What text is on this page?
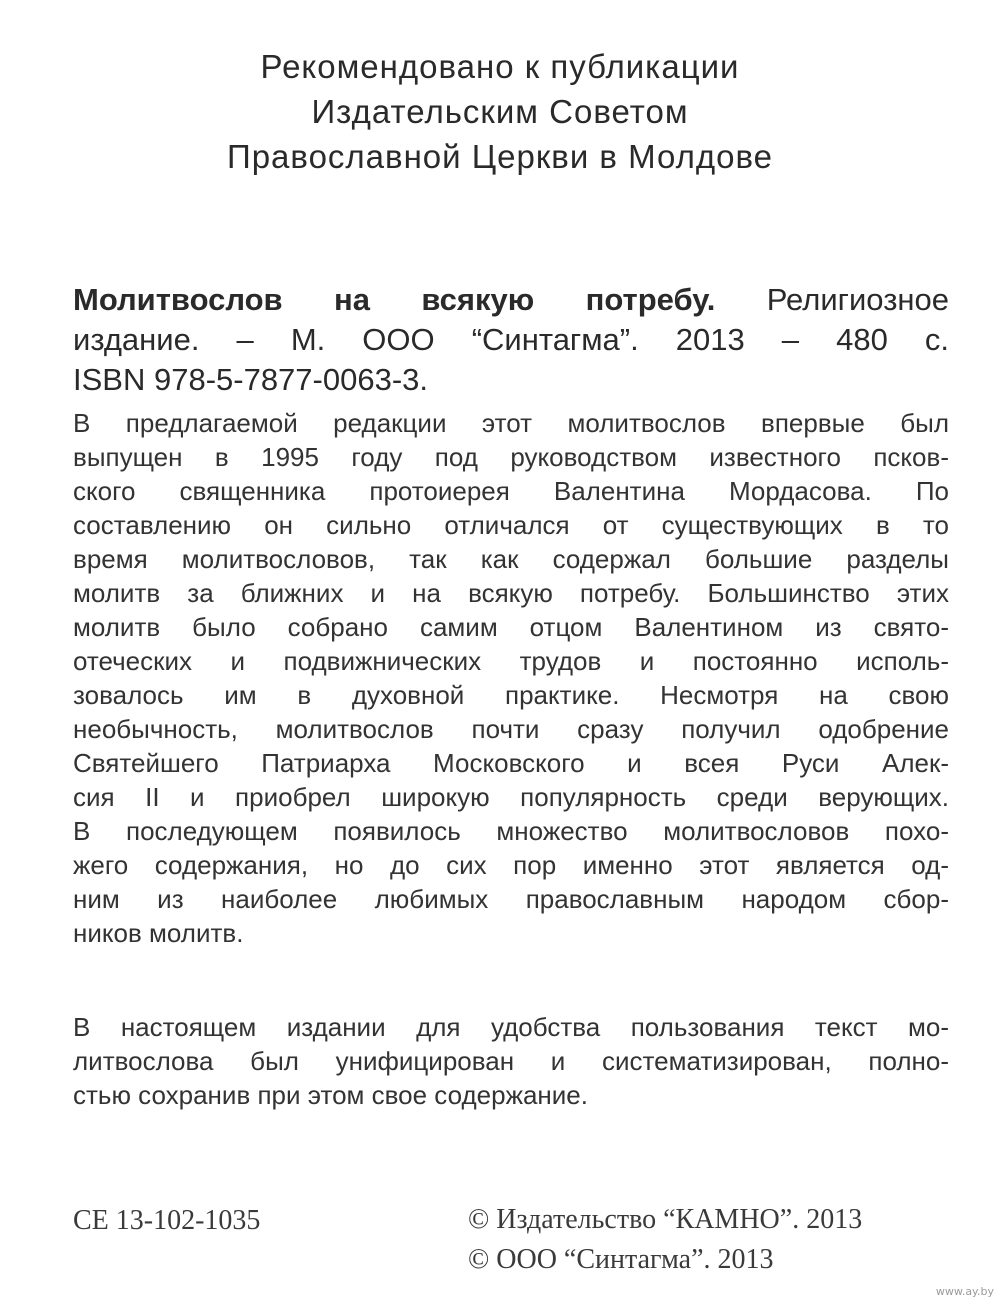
Рекомендовано к публикации
Издательским Советом
Православной Церкви в Молдове
Молитвослов на всякую потребу. Религиозное
издание. – М. ООО “Синтагма”. 2013 – 480 с.
ISBN 978-5-7877-0063-3.
В предлагаемой редакции этот молитвослов впервые был
выпущен в 1995 году под руководством известного псков-
ского священника протоиерея Валентина Мордасова. По
составлению он сильно отличался от существующих в то
время молитвословов, так как содержал большие разделы
молитв за ближних и на всякую потребу. Большинство этих
молитв было собрано самим отцом Валентином из свято-
отеческих и подвижнических трудов и постоянно исполь-
зовалось им в духовной практике. Несмотря на свою
необычность, молитвослов почти сразу получил одобрение
Святейшего Патриарха Московского и всея Руси Алек-
сия II и приобрел широкую популярность среди верующих.
В последующем появилось множество молитвословов похо-
жего содержания, но до сих пор именно этот является од-
ним из наиболее любимых православным народом сбор-
ников молитв.
В настоящем издании для удобства пользования текст мо-
литвослова был унифицирован и систематизирован, полно-
стью сохранив при этом свое содержание.
СЕ 13-102-1035	© Издательство “КАМНО”. 2013
© ООО “Синтагма”. 2013
www.ay.by
